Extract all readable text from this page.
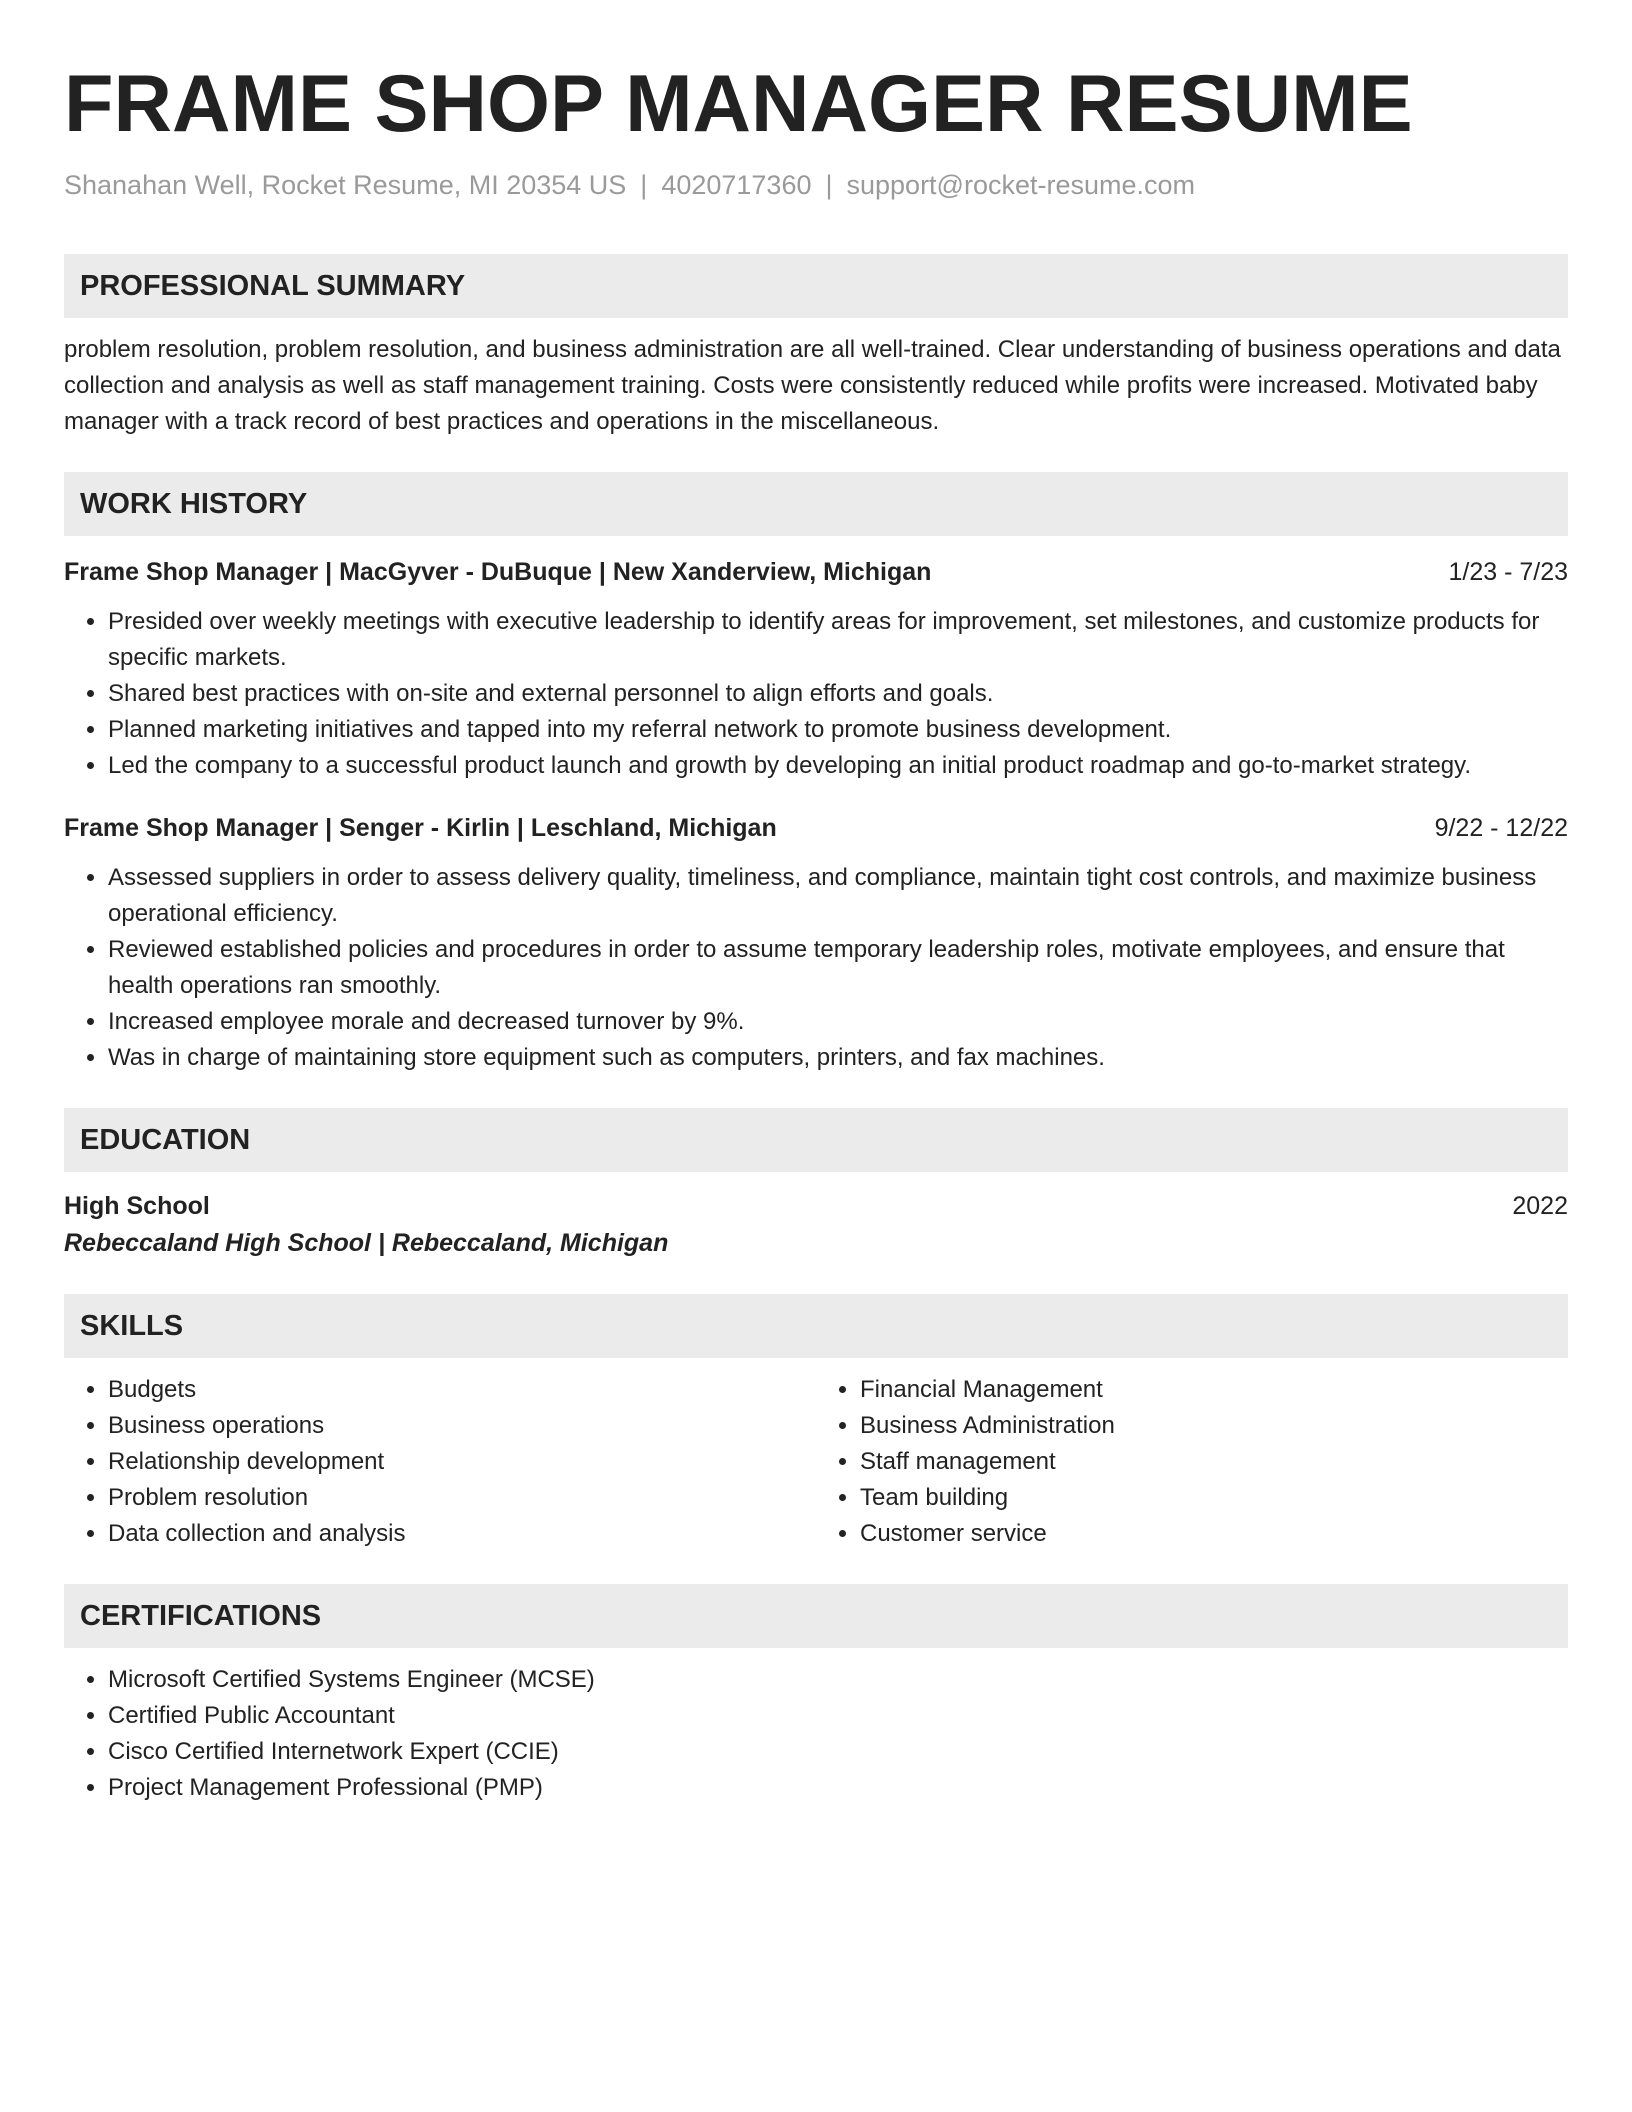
FRAME SHOP MANAGER RESUME
Shanahan Well, Rocket Resume, MI 20354 US | 4020717360 | support@rocket-resume.com
PROFESSIONAL SUMMARY
problem resolution, problem resolution, and business administration are all well-trained. Clear understanding of business operations and data collection and analysis as well as staff management training. Costs were consistently reduced while profits were increased. Motivated baby manager with a track record of best practices and operations in the miscellaneous.
WORK HISTORY
Frame Shop Manager | MacGyver - DuBuque | New Xanderview, Michigan	1/23 - 7/23
• Presided over weekly meetings with executive leadership to identify areas for improvement, set milestones, and customize products for specific markets.
• Shared best practices with on-site and external personnel to align efforts and goals.
• Planned marketing initiatives and tapped into my referral network to promote business development.
• Led the company to a successful product launch and growth by developing an initial product roadmap and go-to-market strategy.
Frame Shop Manager | Senger - Kirlin | Leschland, Michigan	9/22 - 12/22
• Assessed suppliers in order to assess delivery quality, timeliness, and compliance, maintain tight cost controls, and maximize business operational efficiency.
• Reviewed established policies and procedures in order to assume temporary leadership roles, motivate employees, and ensure that health operations ran smoothly.
• Increased employee morale and decreased turnover by 9%.
• Was in charge of maintaining store equipment such as computers, printers, and fax machines.
EDUCATION
High School	2022
Rebeccaland High School | Rebeccaland, Michigan
SKILLS
• Budgets
• Business operations
• Relationship development
• Problem resolution
• Data collection and analysis
• Financial Management
• Business Administration
• Staff management
• Team building
• Customer service
CERTIFICATIONS
• Microsoft Certified Systems Engineer (MCSE)
• Certified Public Accountant
• Cisco Certified Internetwork Expert (CCIE)
• Project Management Professional (PMP)
